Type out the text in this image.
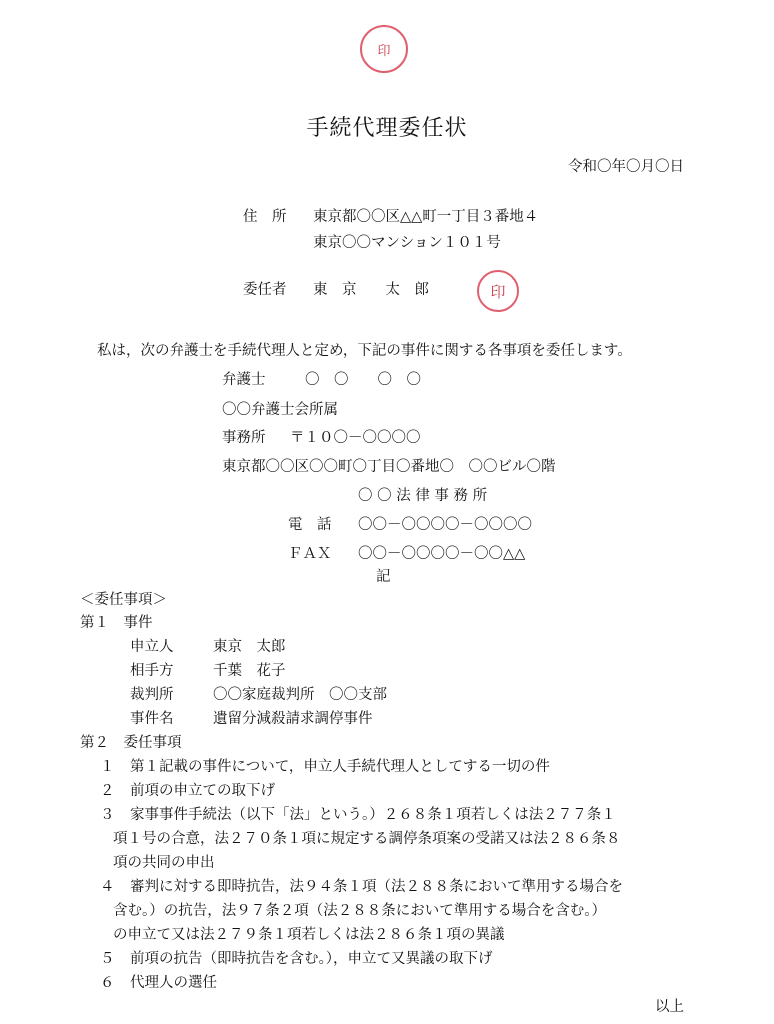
印
手続代理委任状
令和〇年〇月〇日
住　所 東京都〇〇区△△町一丁目３番地４
東京〇〇マンション１０１号
委任者 東　京　　太　郎	印
私は，次の弁護士を手続代理人と定め，下記の事件に関する各事項を委任します。
弁護士	〇　〇　　〇　〇
〇〇弁護士会所属
事務所 〒１０〇－〇〇〇〇
東京都〇〇区〇〇町〇丁目〇番地〇　〇〇ビル〇階
〇 〇 法 律 事 務 所
電　話 〇〇－〇〇〇〇－〇〇〇〇
ＦＡＸ 〇〇－〇〇〇〇－〇〇△△
記
＜委任事項＞
第１　事件
申立人	東京　太郎
相手方	千葉　花子
裁判所	〇〇家庭裁判所　〇〇支部
事件名	遺留分減殺請求調停事件
第２　委任事項
１ 第１記載の事件について，申立人手続代理人としてする一切の件
２ 前項の申立ての取下げ
３ 家事事件手続法（以下「法」という。）２６８条１項若しくは法２７７条１
項１号の合意，法２７０条１項に規定する調停条項案の受諾又は法２８６条８
項の共同の申出
４ 審判に対する即時抗告，法９４条１項（法２８８条において準用する場合を
含む。）の抗告，法９７条２項（法２８８条において準用する場合を含む。）
の申立て又は法２７９条１項若しくは法２８６条１項の異議
５ 前項の抗告（即時抗告を含む。），申立て又異議の取下げ
６ 代理人の選任
以上
